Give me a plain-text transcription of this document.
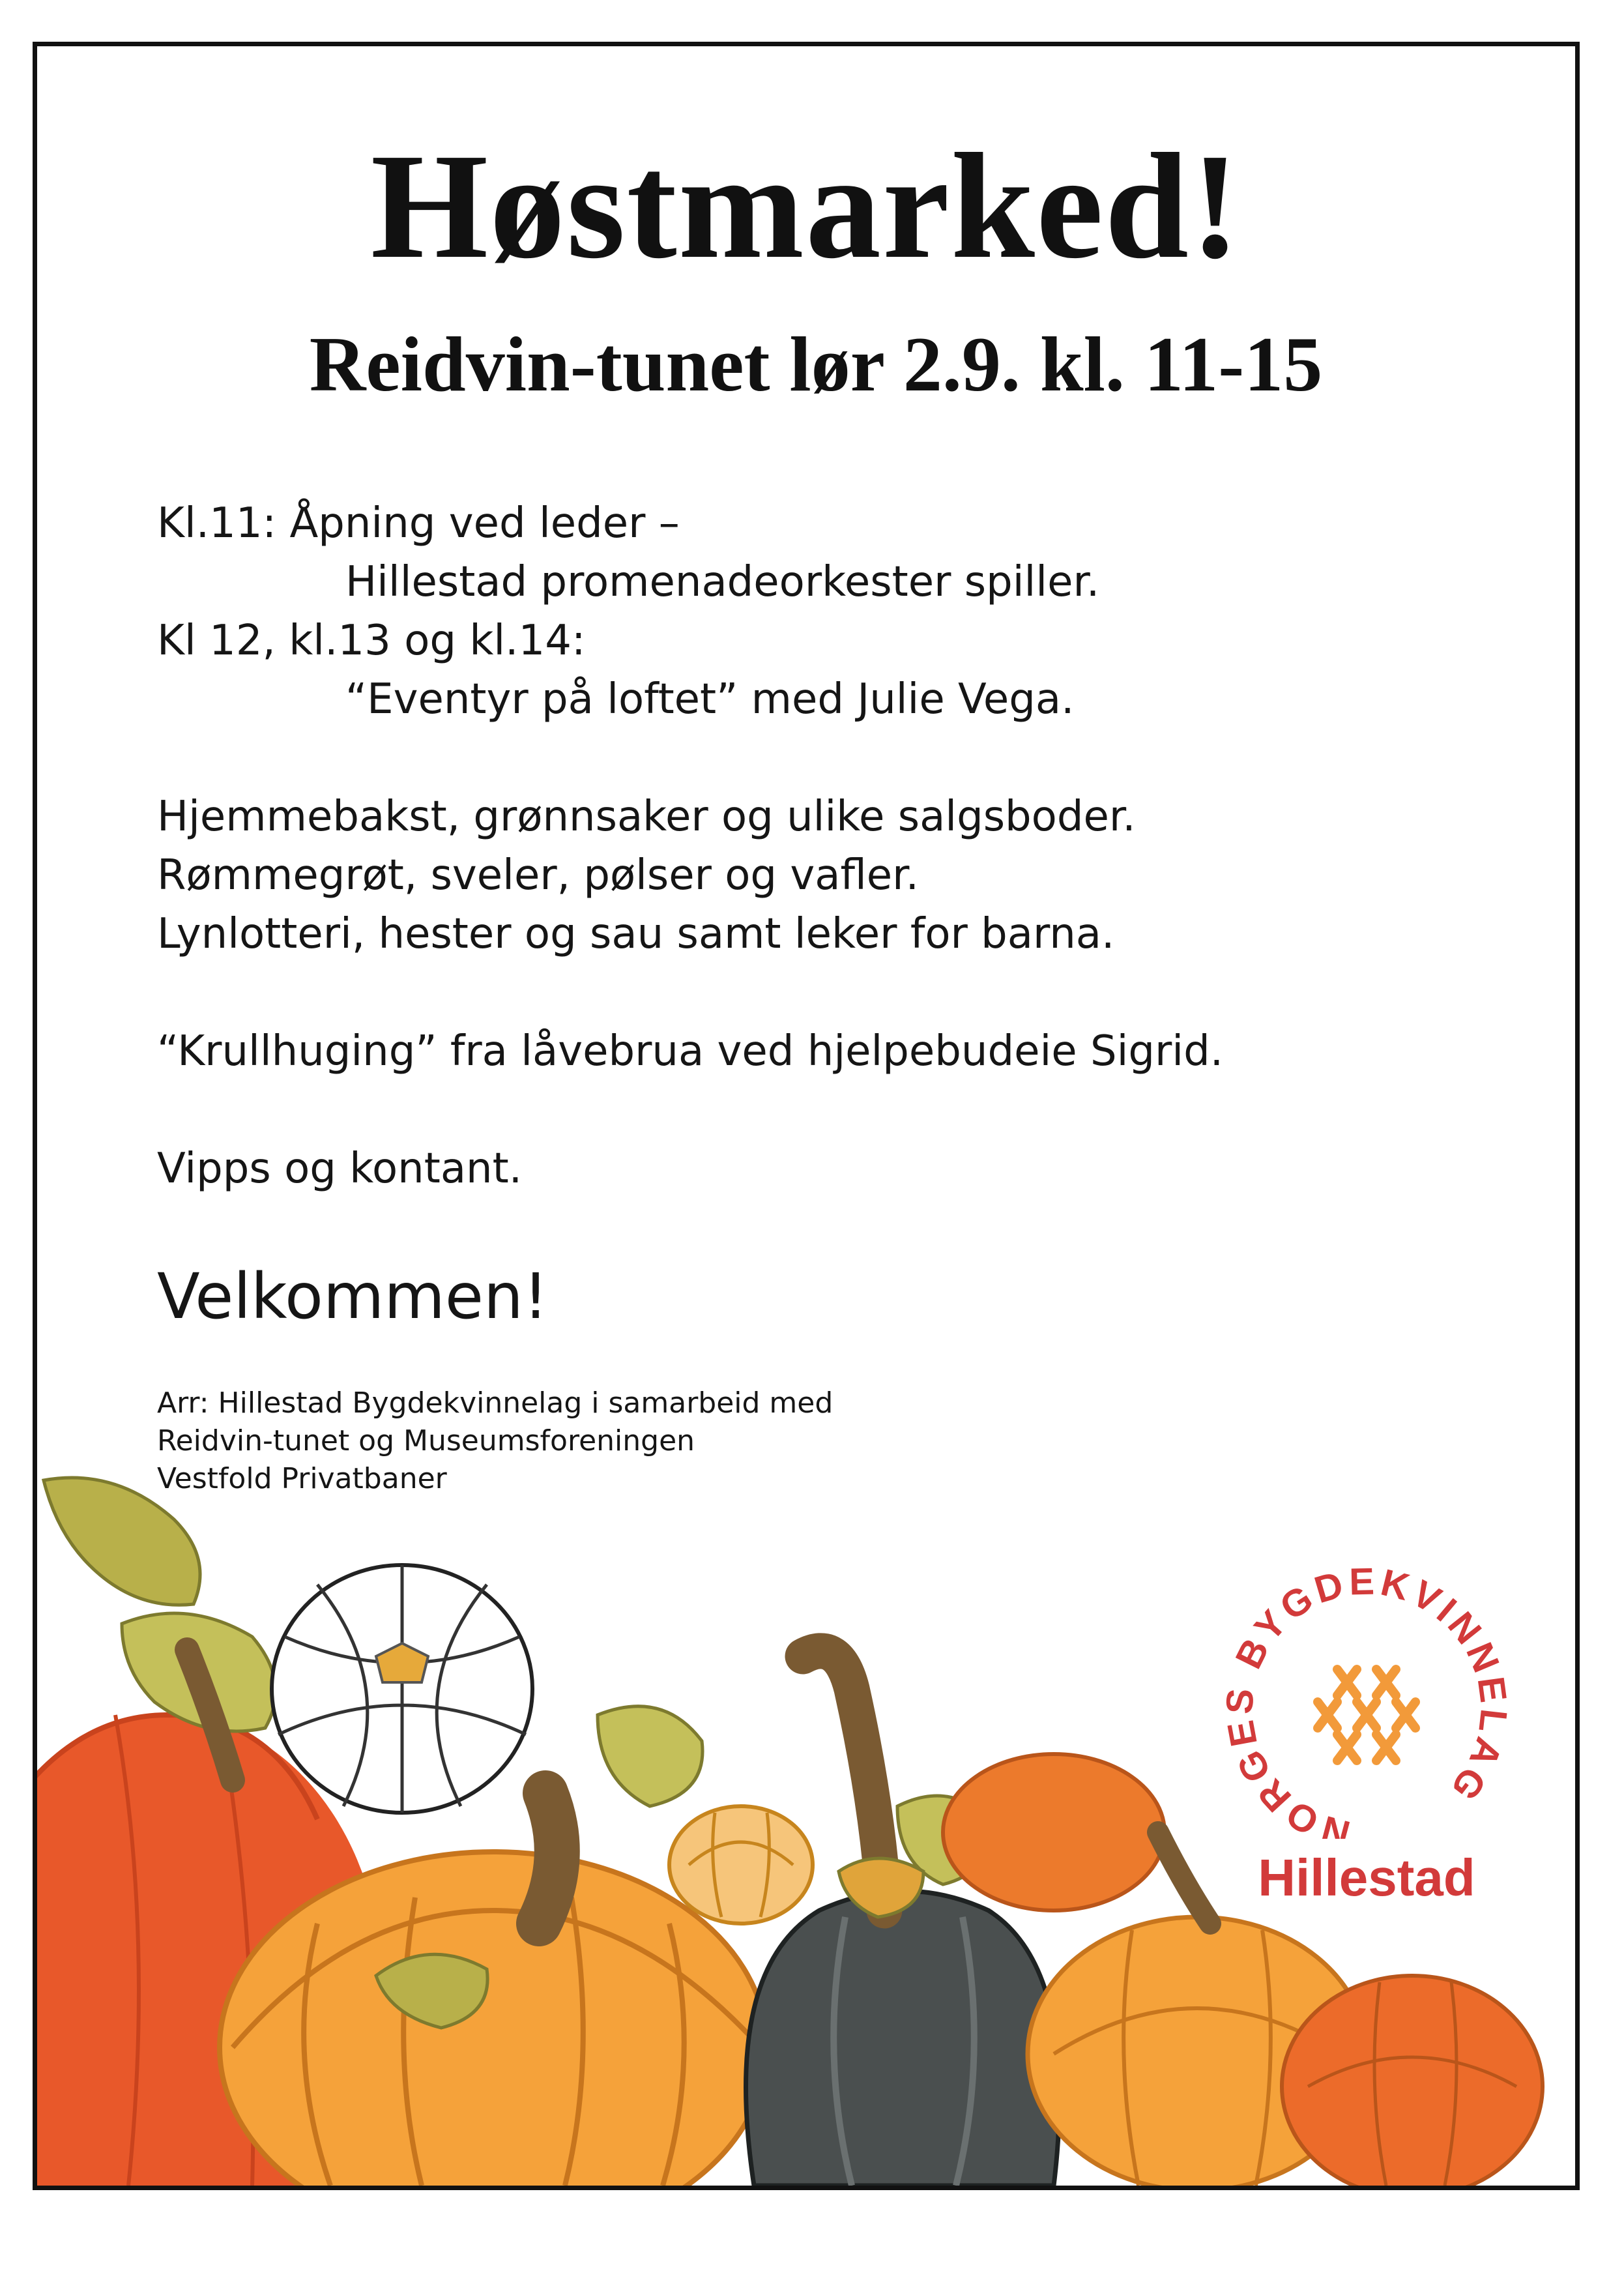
Høstmarked!
Reidvin-tunet lør 2.9. kl. 11-15
Kl.11: Åpning ved leder –
Hillestad promenadeorkester spiller.
Kl 12, kl.13 og kl.14:
“Eventyr på loftet” med Julie Vega.
Hjemmebakst, grønnsaker og ulike salgsboder.
Rømmegrøt, sveler, pølser og vafler.
Lynlotteri, hester og sau samt leker for barna.
“Krullhuging” fra låvebrua ved hjelpebudeie Sigrid.
Vipps og kontant.
Velkommen!
Arr: Hillestad Bygdekvinnelag i samarbeid med
Reidvin-tunet og Museumsforeningen
Vestfold Privatbaner
NORGES BYGDEKVINNELAG
Hillestad
